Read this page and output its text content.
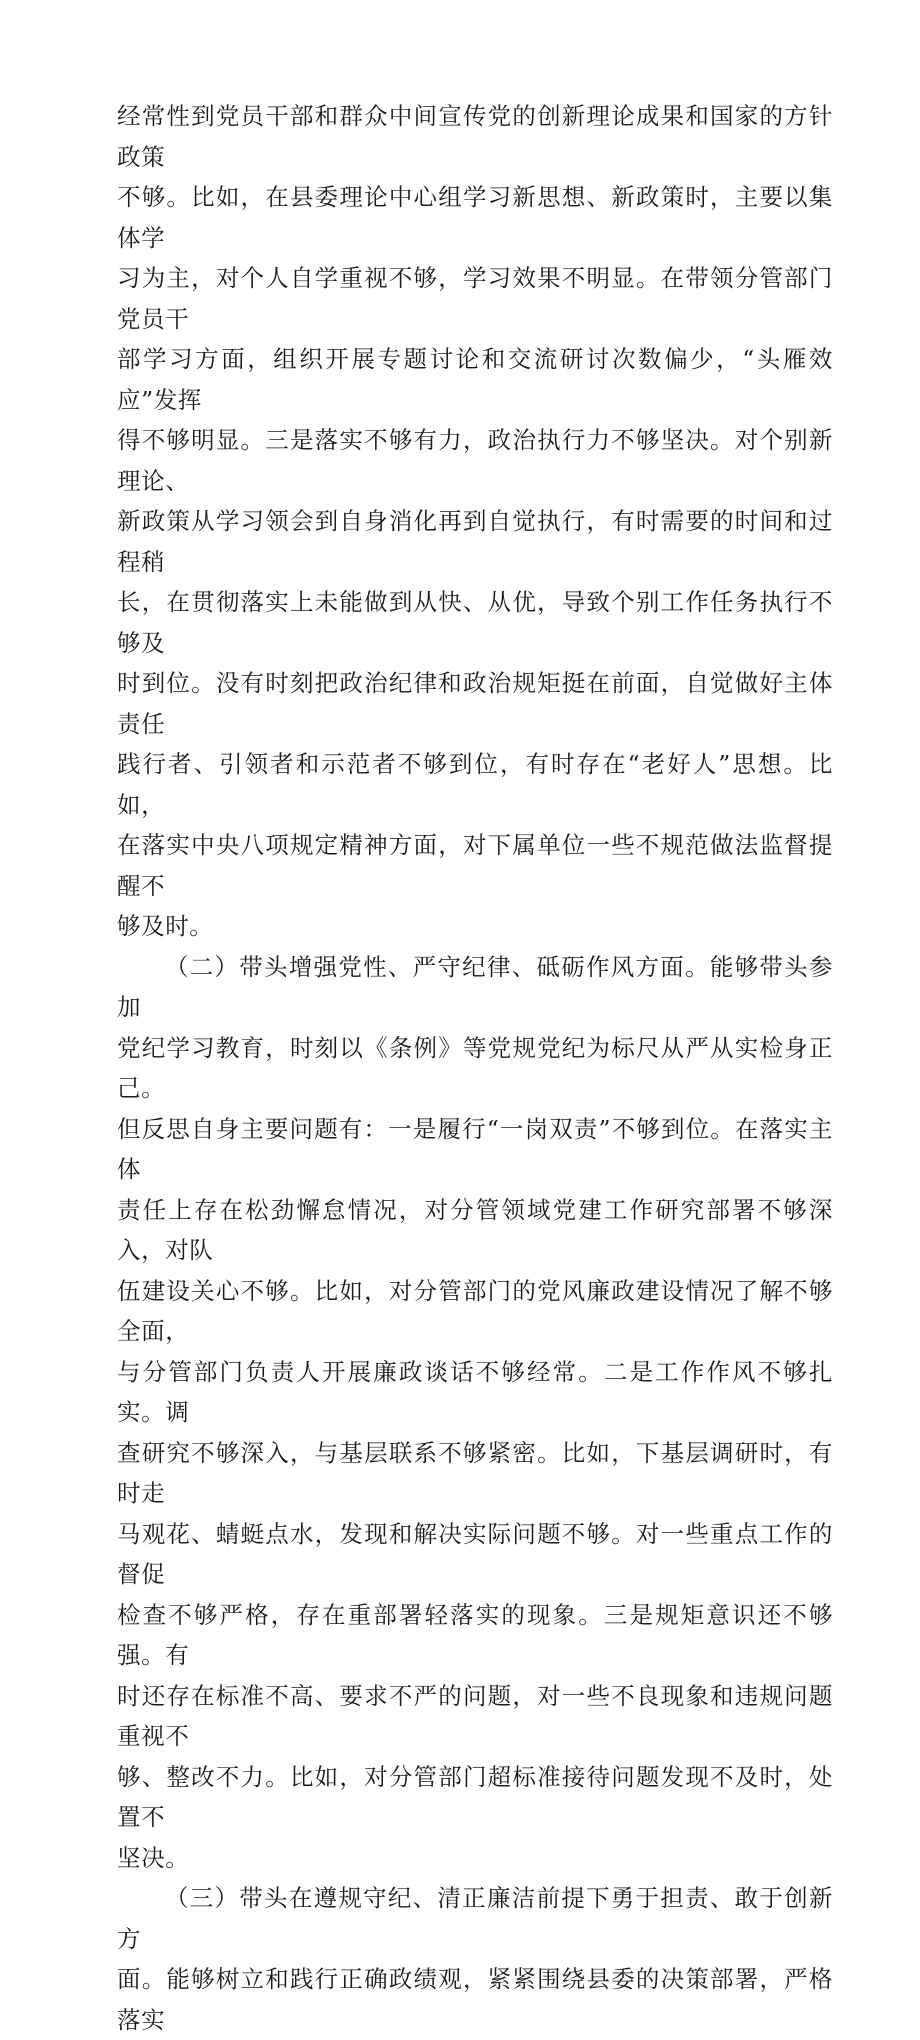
经常性到党员干部和群众中间宣传党的创新理论成果和国家的方针政策
不够。比如，在县委理论中心组学习新思想、新政策时，主要以集体学
习为主，对个人自学重视不够，学习效果不明显。在带领分管部门党员干
部学习方面，组织开展专题讨论和交流研讨次数偏少，“头雁效应”发挥
得不够明显。三是落实不够有力，政治执行力不够坚决。对个别新理论、
新政策从学习领会到自身消化再到自觉执行，有时需要的时间和过程稍
长，在贯彻落实上未能做到从快、从优，导致个别工作任务执行不够及
时到位。没有时刻把政治纪律和政治规矩挺在前面，自觉做好主体责任
践行者、引领者和示范者不够到位，有时存在“老好人”思想。比如，
在落实中央八项规定精神方面，对下属单位一些不规范做法监督提醒不
够及时。

（二）带头增强党性、严守纪律、砥砺作风方面。能够带头参加
党纪学习教育，时刻以《条例》等党规党纪为标尺从严从实检身正己。
但反思自身主要问题有：一是履行“一岗双责”不够到位。在落实主体
责任上存在松劲懈怠情况，对分管领域党建工作研究部署不够深入，对队
伍建设关心不够。比如，对分管部门的党风廉政建设情况了解不够全面，
与分管部门负责人开展廉政谈话不够经常。二是工作作风不够扎实。调
查研究不够深入，与基层联系不够紧密。比如，下基层调研时，有时走
马观花、蜻蜓点水，发现和解决实际问题不够。对一些重点工作的督促
检查不够严格，存在重部署轻落实的现象。三是规矩意识还不够强。有
时还存在标准不高、要求不严的问题，对一些不良现象和违规问题重视不
够、整改不力。比如，对分管部门超标准接待问题发现不及时，处置不
坚决。

（三）带头在遵规守纪、清正廉洁前提下勇于担责、敢于创新方
面。能够树立和践行正确政绩观，紧紧围绕县委的决策部署，严格落实
